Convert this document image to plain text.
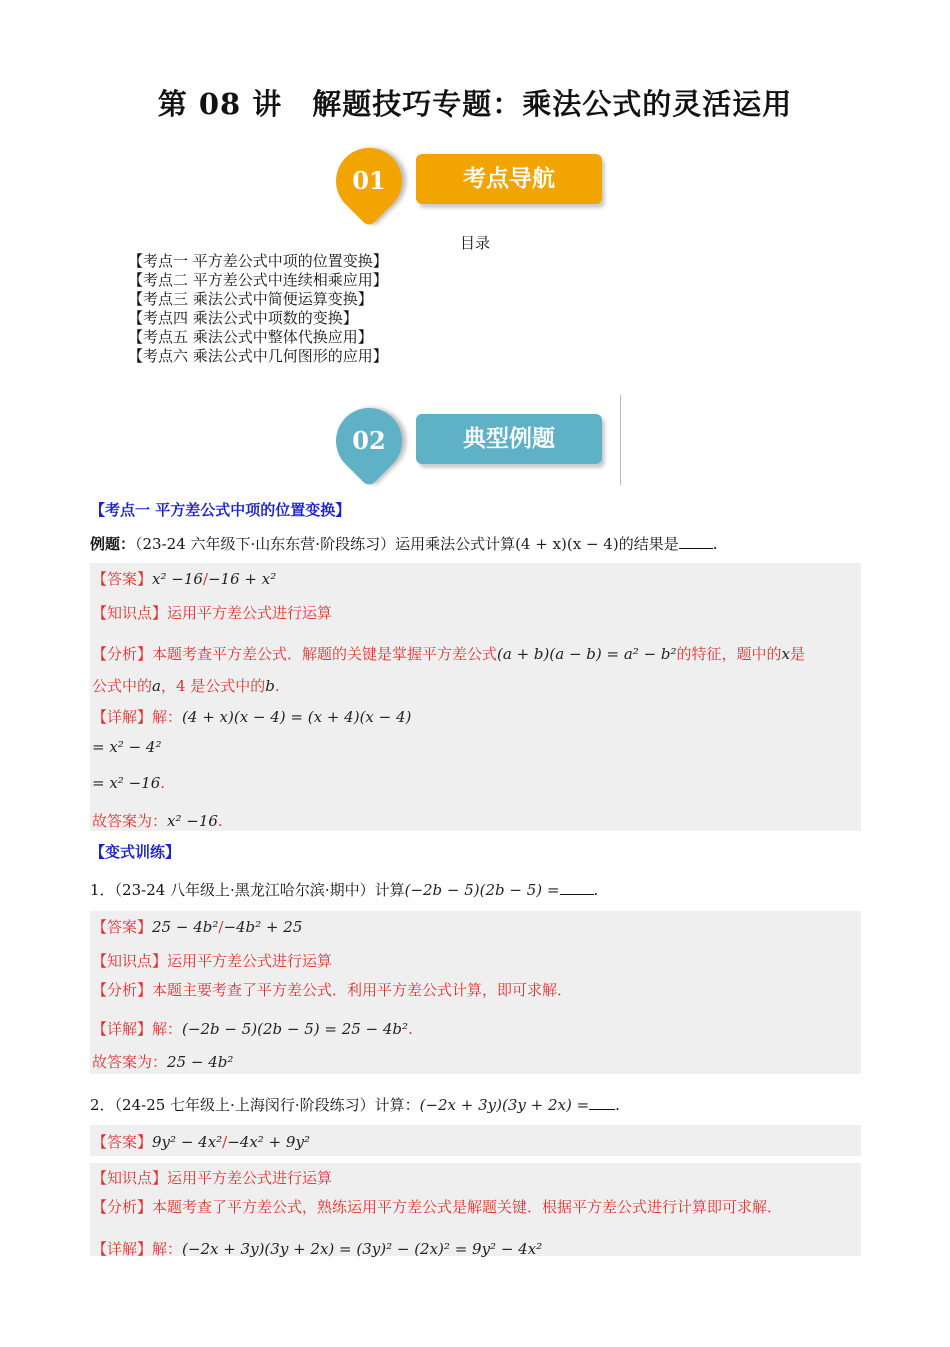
第 08 讲　解题技巧专题：乘法公式的灵活运用
01	考点导航
目录
【考点一 平方差公式中项的位置变换】
【考点二 平方差公式中连续相乘应用】
【考点三 乘法公式中简便运算变换】
【考点四 乘法公式中项数的变换】
【考点五 乘法公式中整体代换应用】
【考点六 乘法公式中几何图形的应用】
02	典型例题
【考点一 平方差公式中项的位置变换】
例题：（23-24 六年级下·山东东营·阶段练习）运用乘法公式计算(4 + x)(x − 4)的结果是 .
【答案】x² −16/−16 + x²
【知识点】运用平方差公式进行运算
【分析】本题考查平方差公式．解题的关键是掌握平方差公式(a + b)(a − b) = a² − b²的特征，题中的x是
公式中的a，4 是公式中的b.
【详解】解：(4 + x)(x − 4) = (x + 4)(x − 4)
= x² − 4²
= x² −16.
故答案为：x² −16.
【变式训练】
1．（23-24 八年级上·黑龙江哈尔滨·期中）计算(−2b − 5)(2b − 5) = .
【答案】25 − 4b²/−4b² + 25
【知识点】运用平方差公式进行运算
【分析】本题主要考查了平方差公式．利用平方差公式计算，即可求解．
【详解】解：(−2b − 5)(2b − 5) = 25 − 4b².
故答案为：25 − 4b²
2．（24-25 七年级上·上海闵行·阶段练习）计算：(−2x + 3y)(3y + 2x) = .
【答案】9y² − 4x²/−4x² + 9y²
【知识点】运用平方差公式进行运算
【分析】本题考查了平方差公式，熟练运用平方差公式是解题关键．根据平方差公式进行计算即可求解．
【详解】解：(−2x + 3y)(3y + 2x) = (3y)² − (2x)² = 9y² − 4x²
